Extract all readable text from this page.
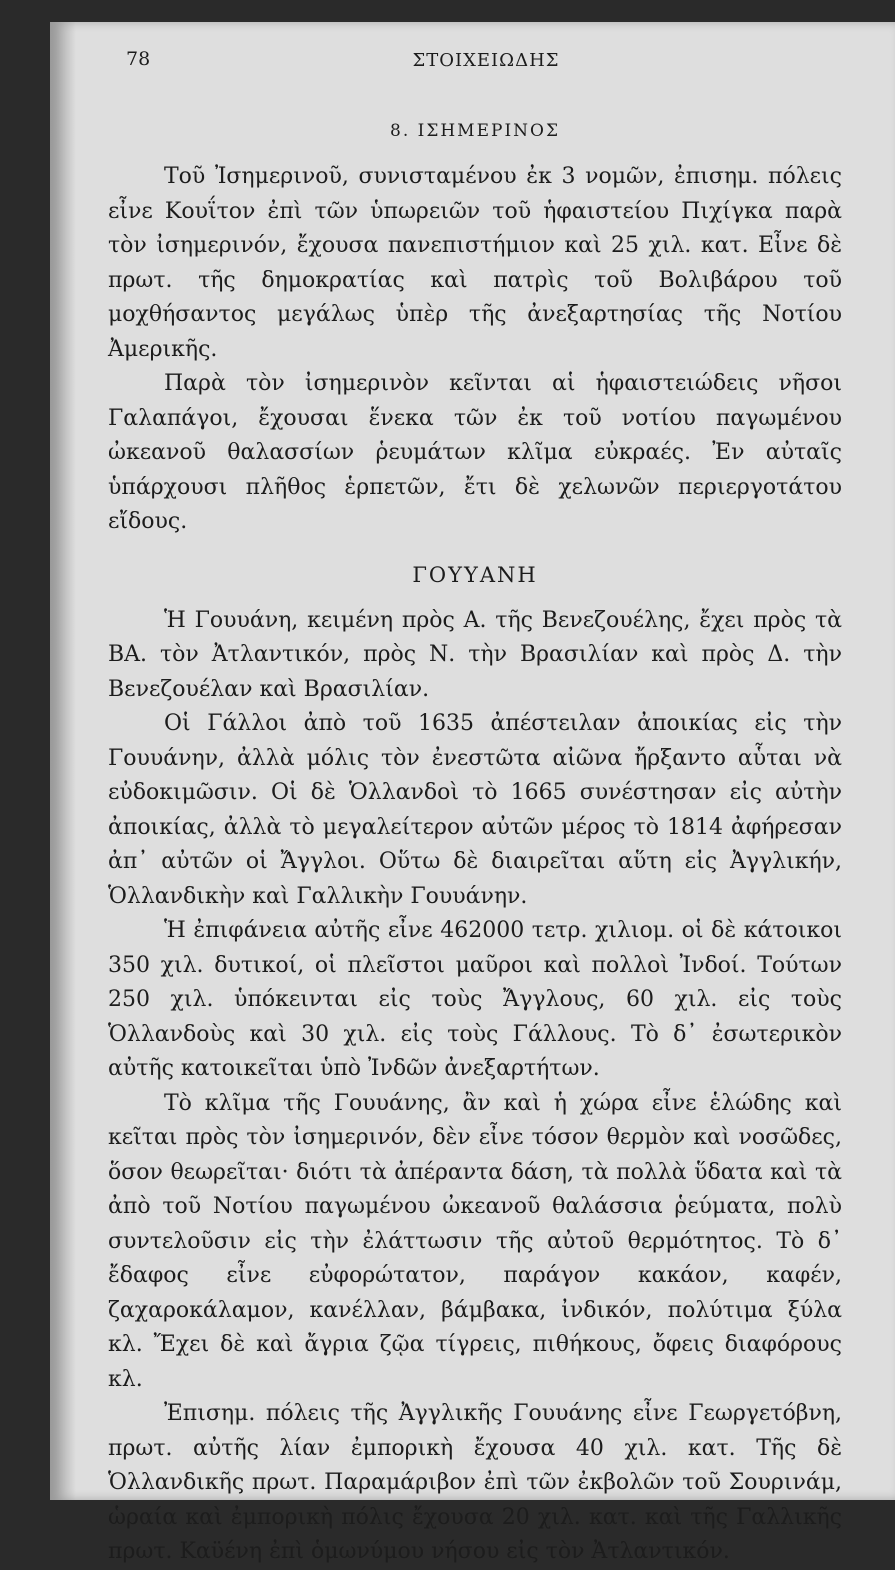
78	ΣΤΟΙΧΕΙΩΔΗΣ
8. ΙΣΗΜΕΡΙΝΟΣ

Τοῦ Ἰσημερινοῦ, συνισταμένου ἐκ 3 νομῶν, ἐπισημ. πόλεις εἶνε Κουΐτον ἐπὶ τῶν ὑπωρειῶν τοῦ ἡφαιστείου Πιχίγκα παρὰ τὸν ἰσημερινόν, ἔχουσα πανεπιστήμιον καὶ 25 χιλ. κατ. Εἶνε δὲ πρωτ. τῆς δημοκρατίας καὶ πατρὶς τοῦ Βολιβάρου τοῦ μοχθήσαντος μεγάλως ὑπὲρ τῆς ἀνεξαρτησίας τῆς Νοτίου Ἀμερικῆς.

Παρὰ τὸν ἰσημερινὸν κεῖνται αἱ ἡφαιστειώδεις νῆσοι Γαλαπάγοι, ἔχουσαι ἕνεκα τῶν ἐκ τοῦ νοτίου παγωμένου ὠκεανοῦ θαλασσίων ῥευμάτων κλῖμα εὐκραές. Ἐν αὐταῖς ὑπάρχουσι πλῆθος ἑρπετῶν, ἔτι δὲ χελωνῶν περιεργοτάτου εἴδους.

ΓΟΥΥΑΝΗ

Ἡ Γουυάνη, κειμένη πρὸς Α. τῆς Βενεζουέλης, ἔχει πρὸς τὰ ΒΑ. τὸν Ἀτλαντικόν, πρὸς Ν. τὴν Βρασιλίαν καὶ πρὸς Δ. τὴν Βενεζουέλαν καὶ Βρασιλίαν.

Οἱ Γάλλοι ἀπὸ τοῦ 1635 ἀπέστειλαν ἀποικίας εἰς τὴν Γουυάνην, ἀλλὰ μόλις τὸν ἐνεστῶτα αἰῶνα ἤρξαντο αὗται νὰ εὐδοκιμῶσιν. Οἱ δὲ Ὁλλανδοὶ τὸ 1665 συνέστησαν εἰς αὐτὴν ἀποικίας, ἀλλὰ τὸ μεγαλείτερον αὐτῶν μέρος τὸ 1814 ἀφήρεσαν ἀπ᾽ αὐτῶν οἱ Ἄγγλοι. Οὕτω δὲ διαιρεῖται αὕτη εἰς Ἀγγλικήν, Ὁλλανδικὴν καὶ Γαλλικὴν Γουυάνην.

Ἡ ἐπιφάνεια αὐτῆς εἶνε 462000 τετρ. χιλιομ. οἱ δὲ κάτοικοι 350 χιλ. δυτικοί, οἱ πλεῖστοι μαῦροι καὶ πολλοὶ Ἰνδοί. Τούτων 250 χιλ. ὑπόκεινται εἰς τοὺς Ἄγγλους, 60 χιλ. εἰς τοὺς Ὁλλανδοὺς καὶ 30 χιλ. εἰς τοὺς Γάλλους. Τὸ δ᾽ ἐσωτερικὸν αὐτῆς κατοικεῖται ὑπὸ Ἰνδῶν ἀνεξαρτήτων.

Τὸ κλῖμα τῆς Γουυάνης, ἂν καὶ ἡ χώρα εἶνε ἑλώδης καὶ κεῖται πρὸς τὸν ἰσημερινόν, δὲν εἶνε τόσον θερμὸν καὶ νοσῶδες, ὅσον θεωρεῖται· διότι τὰ ἀπέραντα δάση, τὰ πολλὰ ὕδατα καὶ τὰ ἀπὸ τοῦ Νοτίου παγωμένου ὠκεανοῦ θαλάσσια ῥεύματα, πολὺ συντελοῦσιν εἰς τὴν ἐλάττωσιν τῆς αὐτοῦ θερμότητος. Τὸ δ᾽ ἔδαφος εἶνε εὐφορώτατον, παράγον κακάον, καφέν, ζαχαροκάλαμον, κανέλλαν, βάμβακα, ἰνδικόν, πολύτιμα ξύλα κλ. Ἔχει δὲ καὶ ἄγρια ζῷα τίγρεις, πιθήκους, ὄφεις διαφόρους κλ.

Ἐπισημ. πόλεις τῆς Ἀγγλικῆς Γουυάνης εἶνε Γεωργετόβνη, πρωτ. αὐτῆς λίαν ἐμπορικὴ ἔχουσα 40 χιλ. κατ. Τῆς δὲ Ὁλλανδικῆς πρωτ. Παραμάριβον ἐπὶ τῶν ἐκβολῶν τοῦ Σουρινάμ, ὡραία καὶ ἐμπορικὴ πόλις ἔχουσα 20 χιλ. κατ. καὶ τῆς Γαλλικῆς πρωτ. Καϋένη ἐπὶ ὁμωνύμου νήσου εἰς τὸν Ἀτλαντικόν.
